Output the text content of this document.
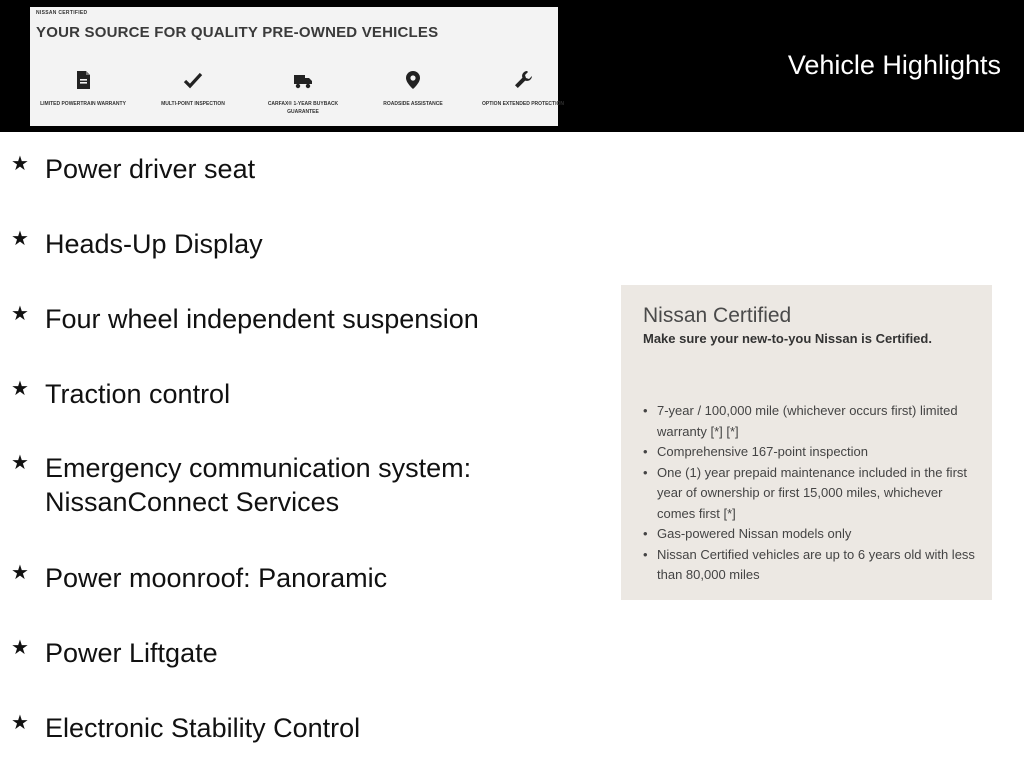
NISSAN CERTIFIED
YOUR SOURCE FOR QUALITY PRE-OWNED VEHICLES
LIMITED POWERTRAIN WARRANTY	MULTI-POINT INSPECTION	CARFAX® 1-YEAR BUYBACK GUARANTEE
ROADSIDE ASSISTANCE	OPTION EXTENDED PROTECTION
Vehicle Highlights
★ Power driver seat
★ Heads-Up Display
★ Four wheel independent suspension
★ Traction control
★ Emergency communication system: NissanConnect Services
★ Power moonroof: Panoramic
★ Power Liftgate
★ Electronic Stability Control
Nissan Certified
Make sure your new-to-you Nissan is Certified.
• 7-year / 100,000 mile (whichever occurs first) limited warranty [*] [*]
• Comprehensive 167-point inspection
• One (1) year prepaid maintenance included in the first year of ownership or first 15,000 miles, whichever comes first [*]
• Gas-powered Nissan models only
• Nissan Certified vehicles are up to 6 years old with less than 80,000 miles
